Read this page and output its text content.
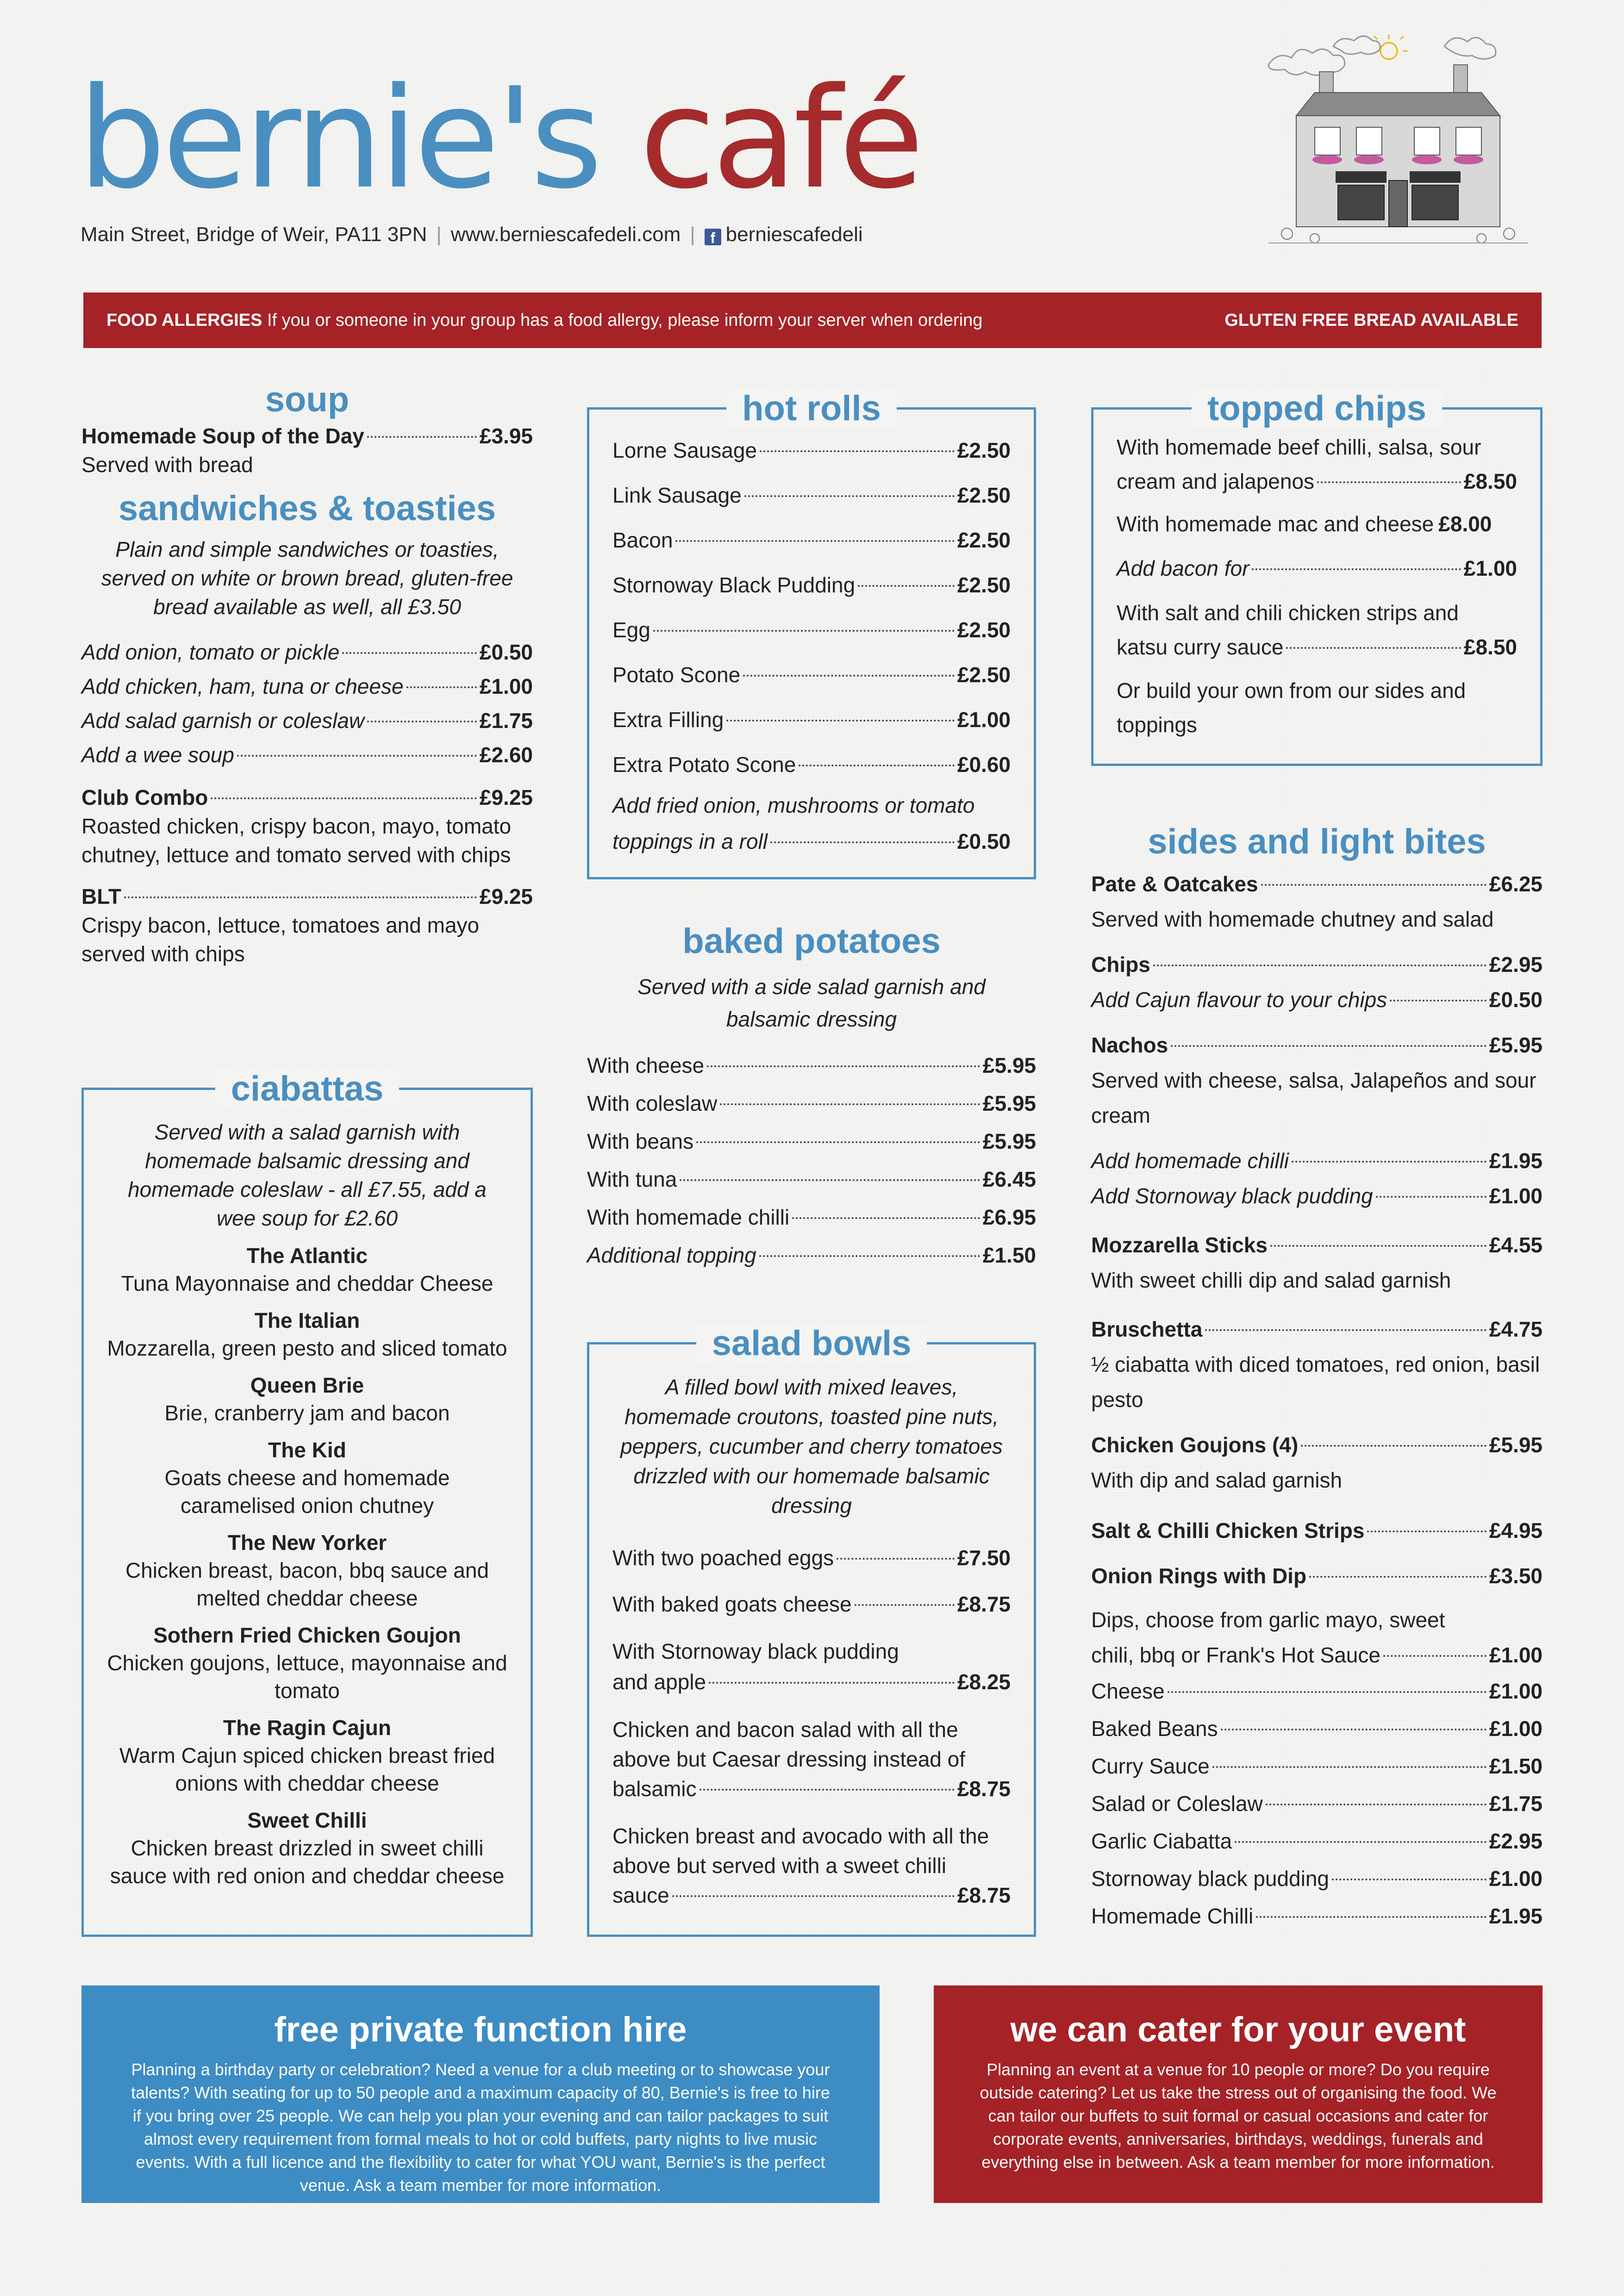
bernie's café
Main Street, Bridge of Weir, PA11 3PN | www.berniescafedeli.com | f berniescafedeli
FOOD ALLERGIES If you or someone in your group has a food allergy, please inform your server when ordering	GLUTEN FREE BREAD AVAILABLE
soup
Homemade Soup of the Day	£3.95
Served with bread
sandwiches & toasties
Plain and simple sandwiches or toasties, served on white or brown bread, gluten-free bread available as well, all £3.50
Add onion, tomato or pickle	£0.50
Add chicken, ham, tuna or cheese	£1.00
Add salad garnish or coleslaw	£1.75
Add a wee soup	£2.60
Club Combo	£9.25
Roasted chicken, crispy bacon, mayo, tomato chutney, lettuce and tomato served with chips
BLT	£9.25
Crispy bacon, lettuce, tomatoes and mayo served with chips
ciabattas
Served with a salad garnish with homemade balsamic dressing and homemade coleslaw - all £7.55, add a wee soup for £2.60
The Atlantic
Tuna Mayonnaise and cheddar Cheese
The Italian
Mozzarella, green pesto and sliced tomato
Queen Brie
Brie, cranberry jam and bacon
The Kid
Goats cheese and homemade caramelised onion chutney
The New Yorker
Chicken breast, bacon, bbq sauce and melted cheddar cheese
Sothern Fried Chicken Goujon
Chicken goujons, lettuce, mayonnaise and tomato
The Ragin Cajun
Warm Cajun spiced chicken breast fried onions with cheddar cheese
Sweet Chilli
Chicken breast drizzled in sweet chilli sauce with red onion and cheddar cheese
hot rolls
Lorne Sausage	£2.50
Link Sausage	£2.50
Bacon	£2.50
Stornoway Black Pudding	£2.50
Egg	£2.50
Potato Scone	£2.50
Extra Filling	£1.00
Extra Potato Scone	£0.60
Add fried onion, mushrooms or tomato
toppings in a roll	£0.50
baked potatoes
Served with a side salad garnish and balsamic dressing
With cheese	£5.95
With coleslaw	£5.95
With beans	£5.95
With tuna	£6.45
With homemade chilli	£6.95
Additional topping	£1.50
salad bowls
A filled bowl with mixed leaves, homemade croutons, toasted pine nuts, peppers, cucumber and cherry tomatoes drizzled with our homemade balsamic dressing
With two poached eggs	£7.50
With baked goats cheese	£8.75
With Stornoway black pudding
and apple	£8.25
Chicken and bacon salad with all the above but Caesar dressing instead of
balsamic	£8.75
Chicken breast and avocado with all the above but served with a sweet chilli
sauce	£8.75
topped chips
With homemade beef chilli, salsa, sour
cream and jalapenos	£8.50
With homemade mac and cheese £8.00
Add bacon for	£1.00
With salt and chili chicken strips and
katsu curry sauce	£8.50
Or build your own from our sides and toppings
sides and light bites
Pate & Oatcakes	£6.25
Served with homemade chutney and salad
Chips	£2.95
Add Cajun flavour to your chips	£0.50
Nachos	£5.95
Served with cheese, salsa, Jalapeños and sour cream
Add homemade chilli	£1.95
Add Stornoway black pudding	£1.00
Mozzarella Sticks	£4.55
With sweet chilli dip and salad garnish
Bruschetta	£4.75
½ ciabatta with diced tomatoes, red onion, basil pesto
Chicken Goujons (4)	£5.95
With dip and salad garnish
Salt & Chilli Chicken Strips	£4.95
Onion Rings with Dip	£3.50
Dips, choose from garlic mayo, sweet
chili, bbq or Frank's Hot Sauce	£1.00
Cheese	£1.00
Baked Beans	£1.00
Curry Sauce	£1.50
Salad or Coleslaw	£1.75
Garlic Ciabatta	£2.95
Stornoway black pudding	£1.00
Homemade Chilli	£1.95
free private function hire

Planning a birthday party or celebration? Need a venue for a club meeting or to showcase your talents? With seating for up to 50 people and a maximum capacity of 80, Bernie's is free to hire if you bring over 25 people. We can help you plan your evening and can tailor packages to suit almost every requirement from formal meals to hot or cold buffets, party nights to live music events. With a full licence and the flexibility to cater for what YOU want, Bernie's is the perfect venue. Ask a team member for more information.

we can cater for your event

Planning an event at a venue for 10 people or more? Do you require outside catering? Let us take the stress out of organising the food. We can tailor our buffets to suit formal or casual occasions and cater for corporate events, anniversaries, birthdays, weddings, funerals and everything else in between. Ask a team member for more information.
